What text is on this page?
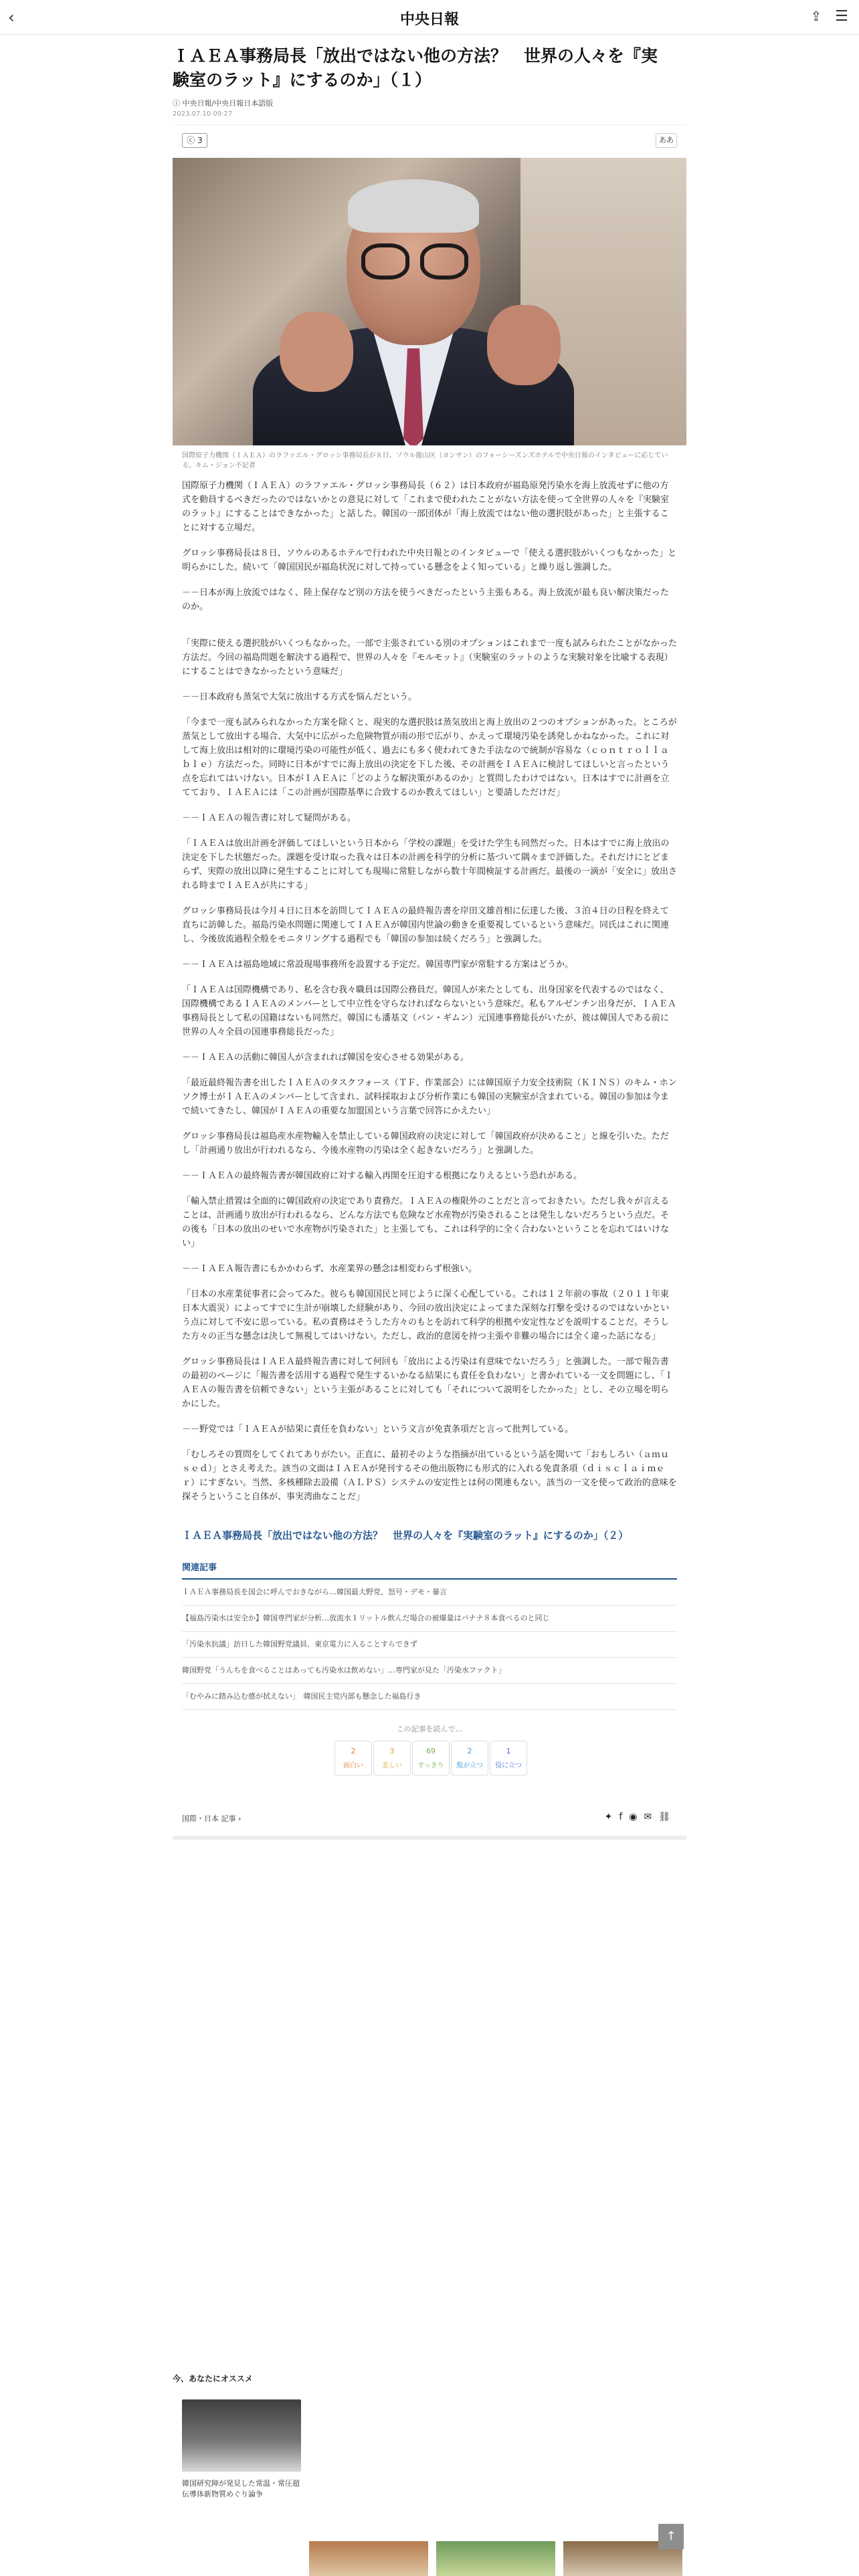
‹	中央日報	⇪ ☰
ＩＡＥＡ事務局長「放出ではない他の方法？　世界の人々を『実験室のラット』にするのか」（１）
ⓘ 中央日報/中央日報日本語版
2023.07.10 09:27
ⓒ 3	ああ
国際原子力機関（ＩＡＥＡ）のラファエル・グロッシ事務局長が８日、ソウル龍山区（ヨンサン）のフォーシーズンズホテルで中央日報のインタビューに応じている。キム・ジョン不記者

国際原子力機関（ＩＡＥＡ）のラファエル・グロッシ事務局長（６２）は日本政府が福島原発汚染水を海上放流せずに他の方式を動員するべきだったのではないかとの意見に対して「これまで使われたことがない方法を使って全世界の人々を『実験室のラット』にすることはできなかった」と話した。韓国の一部団体が「海上放流ではない他の選択肢があった」と主張することに対する立場だ。

グロッシ事務局長は８日、ソウルのあるホテルで行われた中央日報とのインタビューで「使える選択肢がいくつもなかった」と明らかにした。続いて「韓国国民が福島状況に対して持っている懸念をよく知っている」と繰り返し強調した。

－－日本が海上放流ではなく、陸上保存など別の方法を使うべきだったという主張もある。海上放流が最も良い解決策だったのか。

「実際に使える選択肢がいくつもなかった。一部で主張されている別のオプションはこれまで一度も試みられたことがなかった方法だ。今回の福島問題を解決する過程で、世界の人々を『モルモット』（実験室のラットのような実験対象を比喩する表現）にすることはできなかったという意味だ」

－－日本政府も蒸気で大気に放出する方式を悩んだという。

「今まで一度も試みられなかった方案を除くと、現実的な選択肢は蒸気放出と海上放出の２つのオプションがあった。ところが蒸気として放出する場合、大気中に広がった危険物質が雨の形で広がり、かえって環境汚染を誘発しかねなかった。これに対して海上放出は相対的に環境汚染の可能性が低く、過去にも多く使われてきた手法なので統制が容易な（ｃｏｎｔｒｏｌｌａｂｌｅ）方法だった。同時に日本がすでに海上放出の決定を下した後、その計画をＩＡＥＡに検討してほしいと言ったという点を忘れてはいけない。日本がＩＡＥＡに「どのような解決策があるのか」と質問したわけではない。日本はすでに計画を立てており、ＩＡＥＡには「この計画が国際基準に合致するのか教えてほしい」と要請しただけだ」

－－ＩＡＥＡの報告書に対して疑問がある。

「ＩＡＥＡは放出計画を評価してほしいという日本から「学校の課題」を受けた学生も同然だった。日本はすでに海上放出の決定を下した状態だった。課題を受け取った我々は日本の計画を科学的分析に基づいて隅々まで評価した。それだけにとどまらず、実際の放出以降に発生することに対しても現場に常駐しながら数十年間検証する計画だ。最後の一滴が「安全に」放出される時までＩＡＥＡが共にする」

グロッシ事務局長は今月４日に日本を訪問してＩＡＥＡの最終報告書を岸田文雄首相に伝達した後、３泊４日の日程を終えて直ちに訪韓した。福島汚染水問題に関連してＩＡＥＡが韓国内世論の動きを重要視しているという意味だ。同氏はこれに関連し、今後放流過程全般をモニタリングする過程でも「韓国の参加は続くだろう」と強調した。

－－ＩＡＥＡは福島地域に常設現場事務所を設置する予定だ。韓国専門家が常駐する方案はどうか。

「ＩＡＥＡは国際機構であり、私を含む我々職員は国際公務員だ。韓国人が来たとしても、出身国家を代表するのではなく、国際機構であるＩＡＥＡのメンバーとして中立性を守らなければならないという意味だ。私もアルゼンチン出身だが、ＩＡＥＡ事務局長として私の国籍はないも同然だ。韓国にも潘基文（パン・ギムン）元国連事務総長がいたが、彼は韓国人である前に世界の人々全員の国連事務総長だった」

－－ＩＡＥＡの活動に韓国人が含まれれば韓国を安心させる効果がある。

「最近最終報告書を出したＩＡＥＡのタスクフォース（ＴＦ、作業部会）には韓国原子力安全技術院（ＫＩＮＳ）のキム・ホンソク博士がＩＡＥＡのメンバーとして含まれ、試料採取および分析作業にも韓国の実験室が含まれている。韓国の参加は今まで続いてきたし、韓国がＩＡＥＡの重要な加盟国という言葉で回答にかえたい」

グロッシ事務局長は福島産水産物輸入を禁止している韓国政府の決定に対して「韓国政府が決めること」と線を引いた。ただし「計画通り放出が行われるなら、今後水産物の汚染は全く起きないだろう」と強調した。

－－ＩＡＥＡの最終報告書が韓国政府に対する輸入再開を圧迫する根拠になりえるという恐れがある。

「輸入禁止措置は全面的に韓国政府の決定であり責務だ。ＩＡＥＡの権限外のことだと言っておきたい。ただし我々が言えることは、計画通り放出が行われるなら、どんな方法でも危険など水産物が汚染されることは発生しないだろうという点だ。その後も「日本の放出のせいで水産物が汚染された」と主張しても、これは科学的に全く合わないということを忘れてはいけない」

－－ＩＡＥＡ報告書にもかかわらず、水産業界の懸念は相変わらず根強い。

「日本の水産業従事者に会ってみた。彼らも韓国国民と同じように深く心配している。これは１２年前の事故（２０１１年東日本大震災）によってすでに生計が崩壊した経験があり、今回の放出決定によってまた深刻な打撃を受けるのではないかという点に対して不安に思っている。私の責務はそうした方々のもとを訪れて科学的根拠や安定性などを説明することだ。そうした方々の正当な懸念は決して無視してはいけない。ただし、政治的意図を持つ主張や非難の場合には全く違った話になる」

グロッシ事務局長はＩＡＥＡ最終報告書に対して何回も「放出による汚染は有意味でないだろう」と強調した。一部で報告書の最初のページに「報告書を活用する過程で発生するいかなる結果にも責任を負わない」と書かれている一文を問題にし、「ＩＡＥＡの報告書を信頼できない」という主張があることに対しても「それについて説明をしたかった」とし、その立場を明らかにした。

－－野党では「ＩＡＥＡが結果に責任を負わない」という文言が免責条項だと言って批判している。

「むしろその質問をしてくれてありがたい。正直に、最初そのような指摘が出ているという話を聞いて「おもしろい（ａｍｕｓｅｄ）」とさえ考えた。該当の文面はＩＡＥＡが発刊するその他出版物にも形式的に入れる免責条項（ｄｉｓｃｌａｉｍｅｒ）にすぎない。当然、多核種除去設備（ＡＬＰＳ）システムの安定性とは何の関連もない。該当の一文を使って政治的意味を探そうということ自体が、事実湾曲なことだ」

ＩＡＥＡ事務局長「放出ではない他の方法？　世界の人々を『実験室のラット』にするのか」（２）
関連記事
ＩＡＥＡ事務局長を国会に呼んでおきながら…韓国最大野党、怒号・デモ・暴言
【福島汚染水は安全か】韓国専門家が分析…放流水１リットル飲んだ場合の被爆量はバナナ８本食べるのと同じ
「汚染水抗議」訪日した韓国野党議員、東京電力に入ることすらできず
韓国野党「うんちを食べることはあっても汚染水は飲めない」…専門家が見た「汚染水ファクト」
「むやみに踏み込む感が拭えない」　韓国民主党内部も懸念した福島行き
この記事を読んで…
2
面白い
3
悲しい
69
すっきり
2
腹が立つ
1
役に立つ
国際・日本 記事 ›	✦f◉✉⛓
今、あなたにオススメ
韓国研究陣が発見した常温・常圧超伝導体新物質めぐり論争
↑
